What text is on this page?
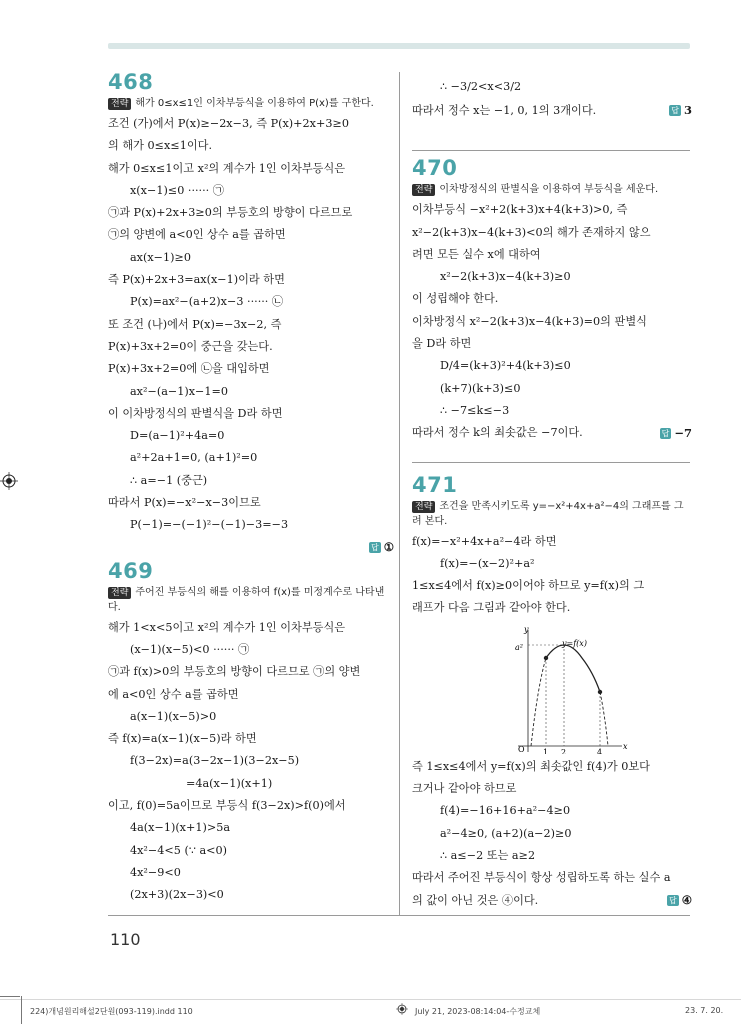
468
전략 해가 0≤x≤1인 이차부등식을 이용하여 P(x)를 구한다.
조건 (가)에서 P(x)≥−2x−3, 즉 P(x)+2x+3≥0
의 해가 0≤x≤1이다.
해가 0≤x≤1이고 x²의 계수가 1인 이차부등식은
x(x−1)≤0 ······ ㉠
㉠과 P(x)+2x+3≥0의 부등호의 방향이 다르므로
㉠의 양변에 a<0인 상수 a를 곱하면
ax(x−1)≥0
즉 P(x)+2x+3=ax(x−1)이라 하면
P(x)=ax²−(a+2)x−3 ······ ㉡
또 조건 (나)에서 P(x)=−3x−2, 즉
P(x)+3x+2=0이 중근을 갖는다.
P(x)+3x+2=0에 ㉡을 대입하면
ax²−(a−1)x−1=0
이 이차방정식의 판별식을 D라 하면
D=(a−1)²+4a=0
a²+2a+1=0, (a+1)²=0
∴ a=−1 (중근)
따라서 P(x)=−x²−x−3이므로
P(−1)=−(−1)²−(−1)−3=−3
답 ①
469
전략 주어진 부등식의 해를 이용하여 f(x)를 미정계수로 나타낸다.
해가 1<x<5이고 x²의 계수가 1인 이차부등식은
(x−1)(x−5)<0 ······ ㉠
㉠과 f(x)>0의 부등호의 방향이 다르므로 ㉠의 양변
에 a<0인 상수 a를 곱하면
a(x−1)(x−5)>0
즉 f(x)=a(x−1)(x−5)라 하면
f(3−2x)=a(3−2x−1)(3−2x−5)
=4a(x−1)(x+1)
이고, f(0)=5a이므로 부등식 f(3−2x)>f(0)에서
4a(x−1)(x+1)>5a
4x²−4<5 (∵ a<0)
4x²−9<0
(2x+3)(2x−3)<0
∴ −3/2<x<3/2
따라서 정수 x는 −1, 0, 1의 3개이다.	답 3
470
전략 이차방정식의 판별식을 이용하여 부등식을 세운다.
이차부등식 −x²+2(k+3)x+4(k+3)>0, 즉
x²−2(k+3)x−4(k+3)<0의 해가 존재하지 않으
려면 모든 실수 x에 대하여
x²−2(k+3)x−4(k+3)≥0
이 성립해야 한다.
이차방정식 x²−2(k+3)x−4(k+3)=0의 판별식
을 D라 하면
D/4=(k+3)²+4(k+3)≤0
(k+7)(k+3)≤0
∴ −7≤k≤−3
따라서 정수 k의 최솟값은 −7이다.	답 −7
471
전략 조건을 만족시키도록 y=−x²+4x+a²−4의 그래프를 그려 본다.
f(x)=−x²+4x+a²−4라 하면
f(x)=−(x−2)²+a²
1≤x≤4에서 f(x)≥0이어야 하므로 y=f(x)의 그
래프가 다음 그림과 같아야 한다.
y
x
O
a²	y=f(x)
1 2	4
즉 1≤x≤4에서 y=f(x)의 최솟값인 f(4)가 0보다
크거나 같아야 하므로
f(4)=−16+16+a²−4≥0
a²−4≥0, (a+2)(a−2)≥0
∴ a≤−2 또는 a≥2
따라서 주어진 부등식이 항상 성립하도록 하는 실수 a
의 값이 아닌 것은 ④이다.	답 ④
110
224)개념원리해설2단원(093-119).indd 110	July 21, 2023-08:14:04-수정교체	23. 7. 20.
